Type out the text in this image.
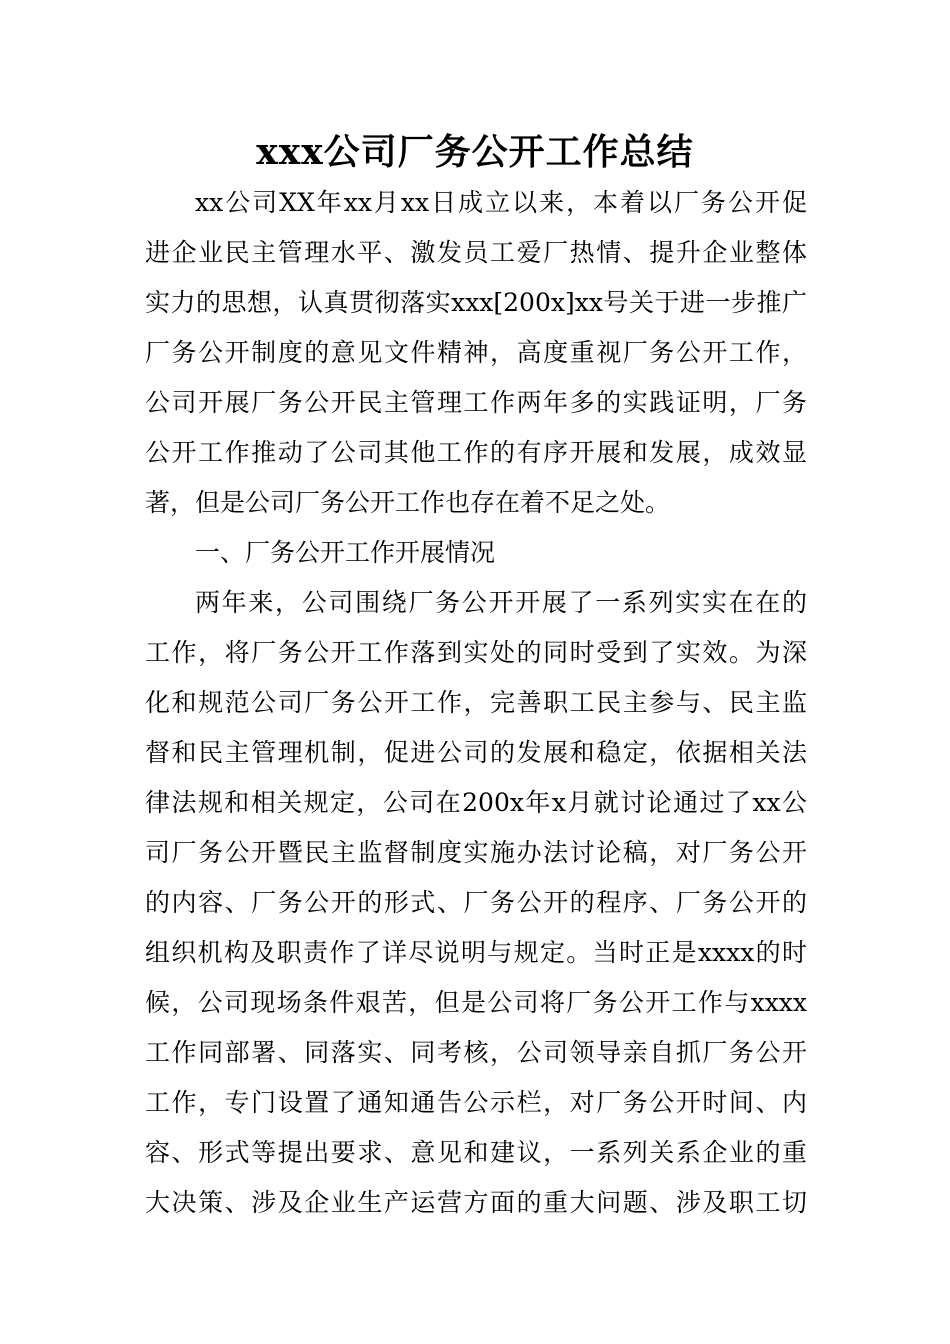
xxx公司厂务公开工作总结
xx公司XX年xx月xx日成立以来，本着以厂务公开促
进企业民主管理水平、激发员工爱厂热情、提升企业整体
实力的思想，认真贯彻落实xxx[200x]xx号关于进一步推广
厂务公开制度的意见文件精神，高度重视厂务公开工作，
公司开展厂务公开民主管理工作两年多的实践证明，厂务
公开工作推动了公司其他工作的有序开展和发展，成效显
著，但是公司厂务公开工作也存在着不足之处。
一、厂务公开工作开展情况
两年来，公司围绕厂务公开开展了一系列实实在在的
工作，将厂务公开工作落到实处的同时受到了实效。为深
化和规范公司厂务公开工作，完善职工民主参与、民主监
督和民主管理机制，促进公司的发展和稳定，依据相关法
律法规和相关规定，公司在200x年x月就讨论通过了xx公
司厂务公开暨民主监督制度实施办法讨论稿，对厂务公开
的内容、厂务公开的形式、厂务公开的程序、厂务公开的
组织机构及职责作了详尽说明与规定。当时正是xxxx的时
候，公司现场条件艰苦，但是公司将厂务公开工作与xxxx
工作同部署、同落实、同考核，公司领导亲自抓厂务公开
工作，专门设置了通知通告公示栏，对厂务公开时间、内
容、形式等提出要求、意见和建议，一系列关系企业的重
大决策、涉及企业生产运营方面的重大问题、涉及职工切
